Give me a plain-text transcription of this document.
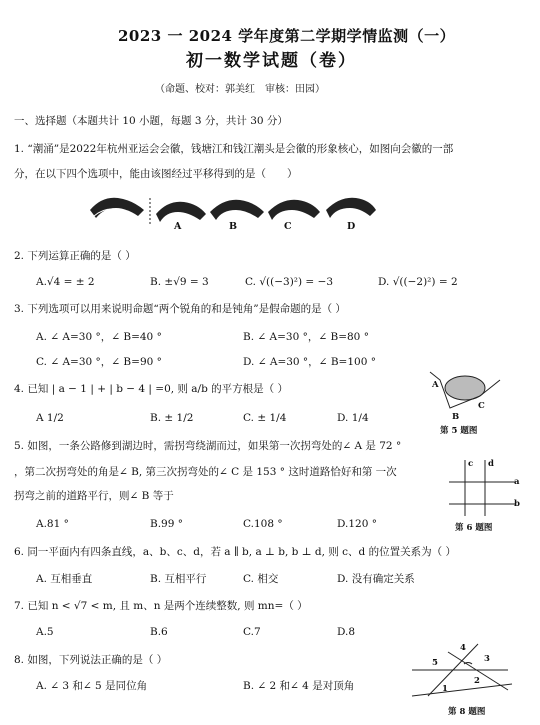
2023 一 2024 学年度第二学期学情监测（一）
初一数学试题（卷）
（命题、校对：郭美红　审核：田园）
一、选择题（本题共计 10 小题，每题 3 分，共计 30 分）
1. “潮涌”是2022年杭州亚运会会徽，钱塘江和钱江潮头是会徽的形象核心，如图向会徽的一部
分，在以下四个选项中，能由该图经过平移得到的是（　　）
A	B	C	D
2. 下列运算正确的是（ ）
A.√4 = ± 2	B. ±√9 = 3	C. √((−3)²) = −3	D. √((−2)²) = 2
3. 下列选项可以用来说明命题“两个锐角的和是钝角”是假命题的是（ ）
A. ∠ A=30 °，∠ B=40 °	B. ∠ A=30 °，∠ B=80 °
C. ∠ A=30 °，∠ B=90 °	D. ∠ A=30 °，∠ B=100 °
4. 已知 | a − 1 | + | b − 4 | =0, 则 a/b 的平方根是（ ）
A 1/2	B. ± 1/2	C. ± 1/4	D. 1/4
A
B
C
第 5 题图
5. 如图，一条公路修到湖边时，需拐弯绕湖而过，如果第一次拐弯处的∠ A 是 72 °
，第二次拐弯处的角是∠ B, 第三次拐弯处的∠ C 是 153 ° 这时道路恰好和第 一次
拐弯之前的道路平行，则∠ B 等于
A.81 °	B.99 °	C.108 °	D.120 °
c d
a
b
第 6 题图
6. 同一平面内有四条直线，a、b、c、d，若 a ∥ b, a ⊥ b, b ⊥ d, 则 c、d 的位置关系为（ ）
A. 互相垂直	B. 互相平行	C. 相交	D. 没有确定关系
7. 已知 n < √7 < m, 且 m、n 是两个连续整数, 则 mn=（ ）
A.5	B.6	C.7	D.8
8. 如图，下列说法正确的是（ ）
A. ∠ 3 和∠ 5 是同位角	B. ∠ 2 和∠ 4 是对顶角
4
5	3
2
1
第 8 题图
